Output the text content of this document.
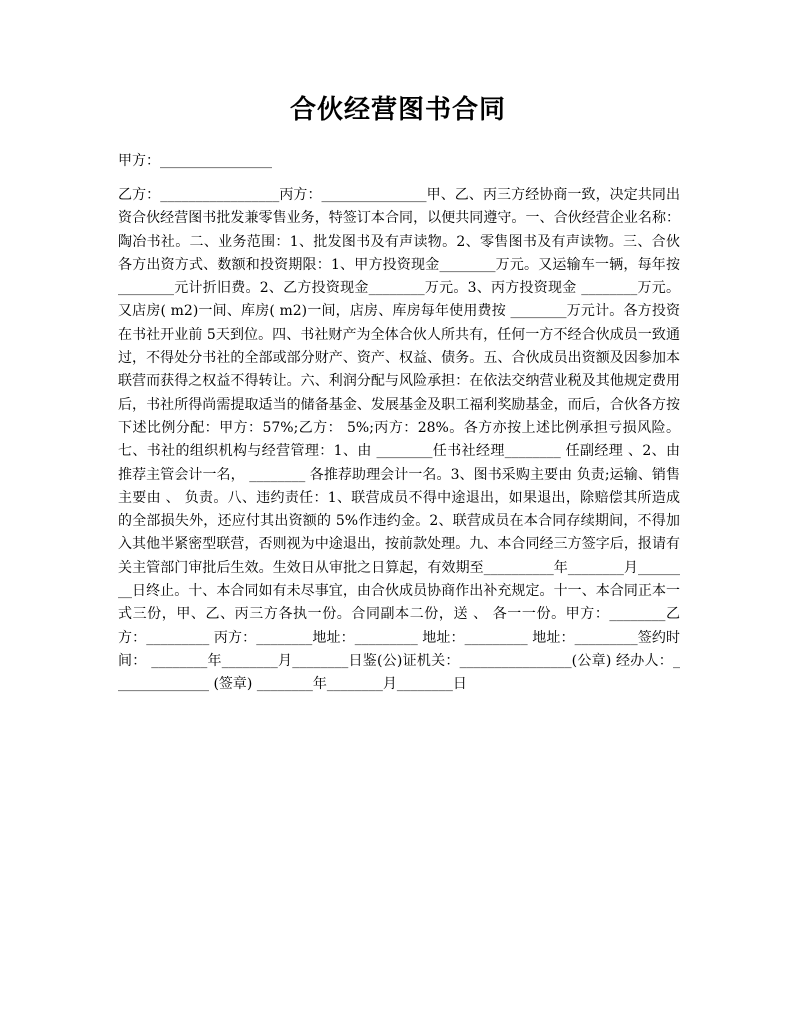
合伙经营图书合同
甲方：________________
乙方：_________________丙方：_______________甲、乙、丙三方经协商一致，决定共同出资合伙经营图书批发兼零售业务，特签订本合同，以便共同遵守。一、合伙经营企业名称：陶冶书社。二、业务范围：1、批发图书及有声读物。2、零售图书及有声读物。三、合伙各方出资方式、数额和投资期限：1、甲方投资现金________万元。又运输车一辆，每年按 ________元计折旧费。2、乙方投资现金________万元。3、丙方投资现金 ________万元。又店房( m2)一间、库房( m2)一间，店房、库房每年使用费按 ________万元计。各方投资在书社开业前 5天到位。四、书社财产为全体合伙人所共有，任何一方不经合伙成员一致通过，不得处分书社的全部或部分财产、资产、权益、债务。五、合伙成员出资额及因参加本联营而获得之权益不得转让。六、利润分配与风险承担：在依法交纳营业税及其他规定费用后，书社所得尚需提取适当的储备基金、发展基金及职工福利奖励基金，而后，合伙各方按下述比例分配：甲方：57%;乙方： 5%;丙方：28%。各方亦按上述比例承担亏损风险。七、书社的组织机构与经营管理：1、由 ________任书社经理________ 任副经理 、2、由 推荐主管会计一名， ________ 各推荐助理会计一名。3、图书采购主要由 负责;运输、销售主要由 、 负责。八、违约责任：1、联营成员不得中途退出，如果退出，除赔偿其所造成的全部损失外，还应付其出资额的 5%作违约金。2、联营成员在本合同存续期间，不得加入其他半紧密型联营，否则视为中途退出，按前款处理。九、本合同经三方签字后，报请有关主管部门审批后生效。生效日从审批之日算起，有效期至__________年________月________日终止。十、本合同如有未尽事宜，由合伙成员协商作出补充规定。十一、本合同正本一式三份，甲、乙、丙三方各执一份。合同副本二份，送 、 各一一份。甲方：________乙方：_________ 丙方：________地址：_________ 地址：_________ 地址：_________签约时间： ________年________月________日鉴(公)证机关：________________(公章) 经办人：______________ (签章) ________年________月________日
